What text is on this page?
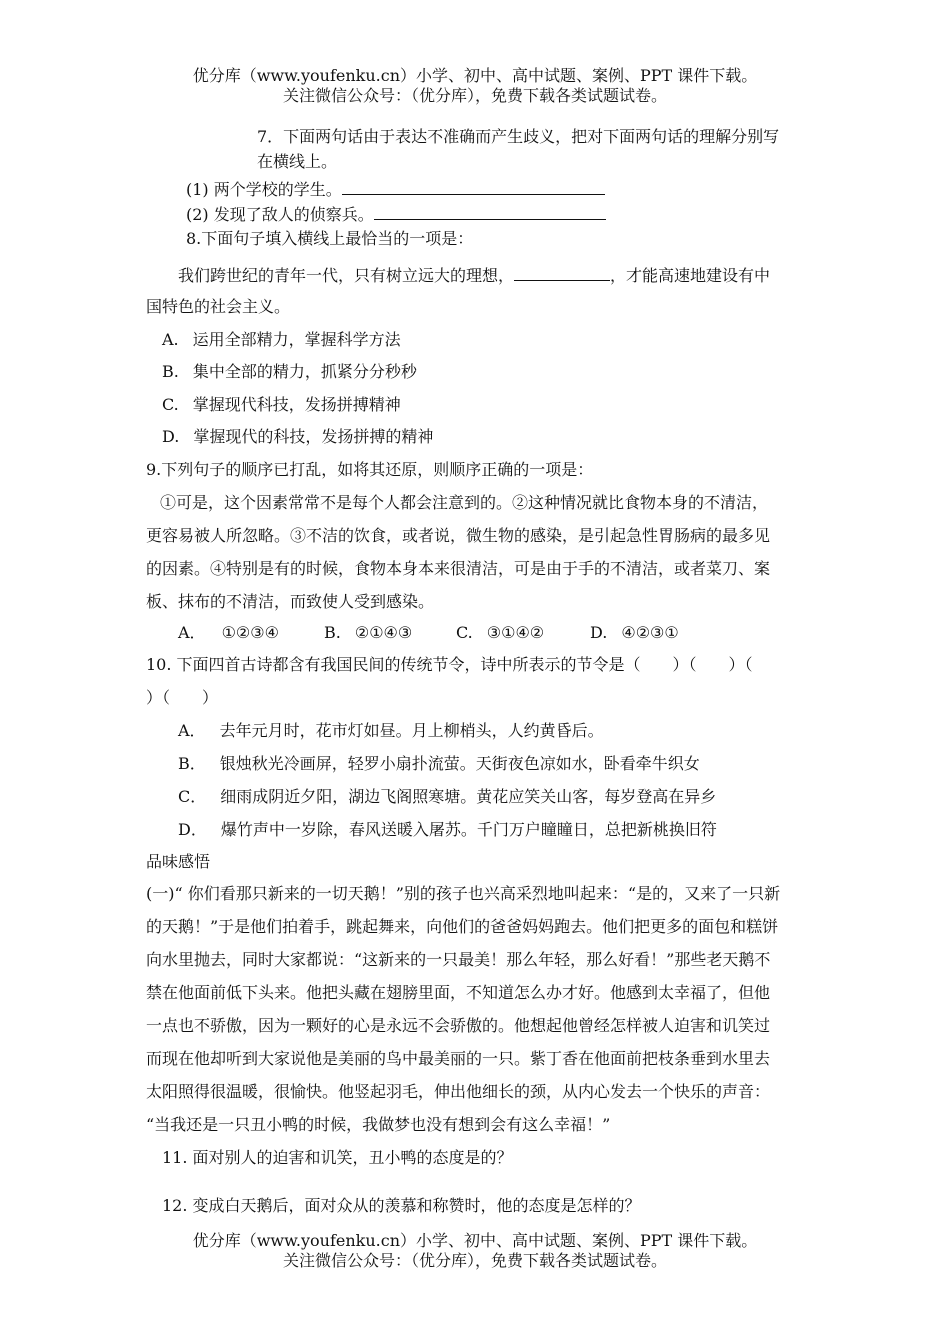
优分库（www.youfenku.cn）小学、初中、高中试题、案例、PPT 课件下载。
关注微信公众号：（优分库），免费下载各类试题试卷。
7．下面两句话由于表达不准确而产生歧义，把对下面两句话的理解分别写
在横线上。
(1) 两个学校的学生。
(2) 发现了敌人的侦察兵。
8.下面句子填入横线上最恰当的一项是：
我们跨世纪的青年一代，只有树立远大的理想，	，才能高速地建设有中
国特色的社会主义。
A. 运用全部精力，掌握科学方法
B. 集中全部的精力，抓紧分分秒秒
C. 掌握现代科技，发扬拼搏精神
D. 掌握现代的科技，发扬拼搏的精神
9.下列句子的顺序已打乱，如将其还原，则顺序正确的一项是：
①可是，这个因素常常不是每个人都会注意到的。②这种情况就比食物本身的不清洁，
更容易被人所忽略。③不洁的饮食，或者说，微生物的感染，是引起急性胃肠病的最多见
的因素。④特别是有的时候，食物本身本来很清洁，可是由于手的不清洁，或者菜刀、案
板、抹布的不清洁，而致使人受到感染。
A． ①②③④	B. ②①④③	C. ③①④②	D. ④②③①
10. 下面四首古诗都含有我国民间的传统节令，诗中所表示的节令是（　　）（　　）（
）（　　）
A． 去年元月时，花市灯如昼。月上柳梢头，人约黄昏后。
B． 银烛秋光冷画屏，轻罗小扇扑流萤。天街夜色凉如水，卧看牵牛织女
C． 细雨成阴近夕阳，湖边飞阁照寒塘。黄花应笑关山客，每岁登高在异乡
D． 爆竹声中一岁除，春风送暖入屠苏。千门万户瞳瞳日，总把新桃换旧符
品味感悟
(一)“ 你们看那只新来的一切天鹅！”别的孩子也兴高采烈地叫起来：“是的，又来了一只新
的天鹅！”于是他们拍着手，跳起舞来，向他们的爸爸妈妈跑去。他们把更多的面包和糕饼
向水里抛去，同时大家都说：“这新来的一只最美！那么年轻，那么好看！”那些老天鹅不
禁在他面前低下头来。他把头藏在翅膀里面，不知道怎么办才好。他感到太幸福了，但他
一点也不骄傲，因为一颗好的心是永远不会骄傲的。他想起他曾经怎样被人迫害和讥笑过
而现在他却听到大家说他是美丽的鸟中最美丽的一只。紫丁香在他面前把枝条垂到水里去
太阳照得很温暖，很愉快。他竖起羽毛，伸出他细长的颈，从内心发去一个快乐的声音：
“当我还是一只丑小鸭的时候，我做梦也没有想到会有这么幸福！”
11. 面对别人的迫害和讥笑，丑小鸭的态度是的？
12. 变成白天鹅后，面对众从的羡慕和称赞时，他的态度是怎样的？
优分库（www.youfenku.cn）小学、初中、高中试题、案例、PPT 课件下载。
关注微信公众号：（优分库），免费下载各类试题试卷。
